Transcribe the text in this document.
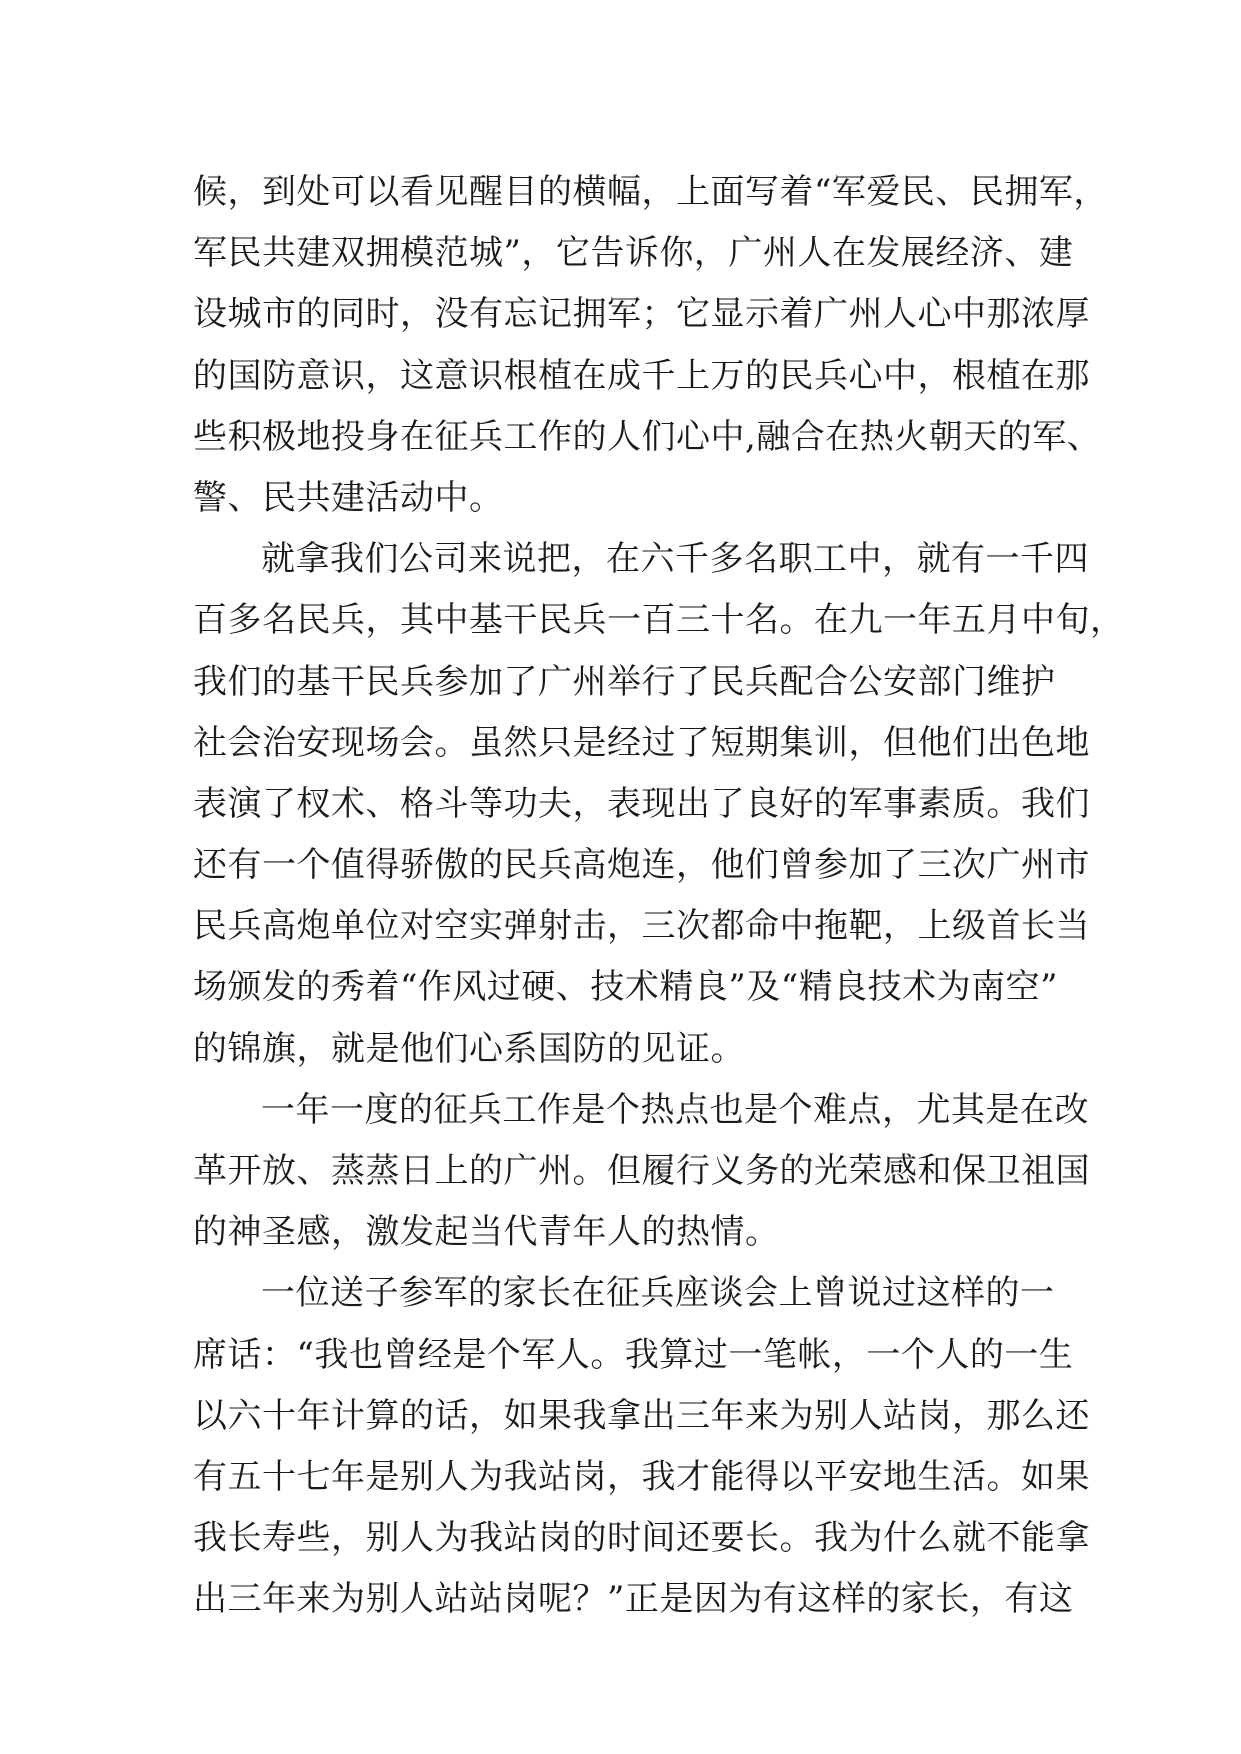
候，到处可以看见醒目的横幅，上面写着“军爱民、民拥军，
军民共建双拥模范城”，它告诉你，广州人在发展经济、建
设城市的同时，没有忘记拥军；它显示着广州人心中那浓厚
的国防意识，这意识根植在成千上万的民兵心中，根植在那
些积极地投身在征兵工作的人们心中,融合在热火朝天的军、
警、民共建活动中。
就拿我们公司来说把，在六千多名职工中，就有一千四
百多名民兵，其中基干民兵一百三十名。在九一年五月中旬，
我们的基干民兵参加了广州举行了民兵配合公安部门维护
社会治安现场会。虽然只是经过了短期集训，但他们出色地
表演了杈术、格斗等功夫，表现出了良好的军事素质。我们
还有一个值得骄傲的民兵高炮连，他们曾参加了三次广州市
民兵高炮单位对空实弹射击，三次都命中拖靶，上级首长当
场颁发的秀着“作风过硬、技术精良”及“精良技术为南空”
的锦旗，就是他们心系国防的见证。
一年一度的征兵工作是个热点也是个难点，尤其是在改
革开放、蒸蒸日上的广州。但履行义务的光荣感和保卫祖国
的神圣感，激发起当代青年人的热情。
一位送子参军的家长在征兵座谈会上曾说过这样的一
席话：“我也曾经是个军人。我算过一笔帐，一个人的一生
以六十年计算的话，如果我拿出三年来为别人站岗，那么还
有五十七年是别人为我站岗，我才能得以平安地生活。如果
我长寿些，别人为我站岗的时间还要长。我为什么就不能拿
出三年来为别人站站岗呢？”正是因为有这样的家长，有这
